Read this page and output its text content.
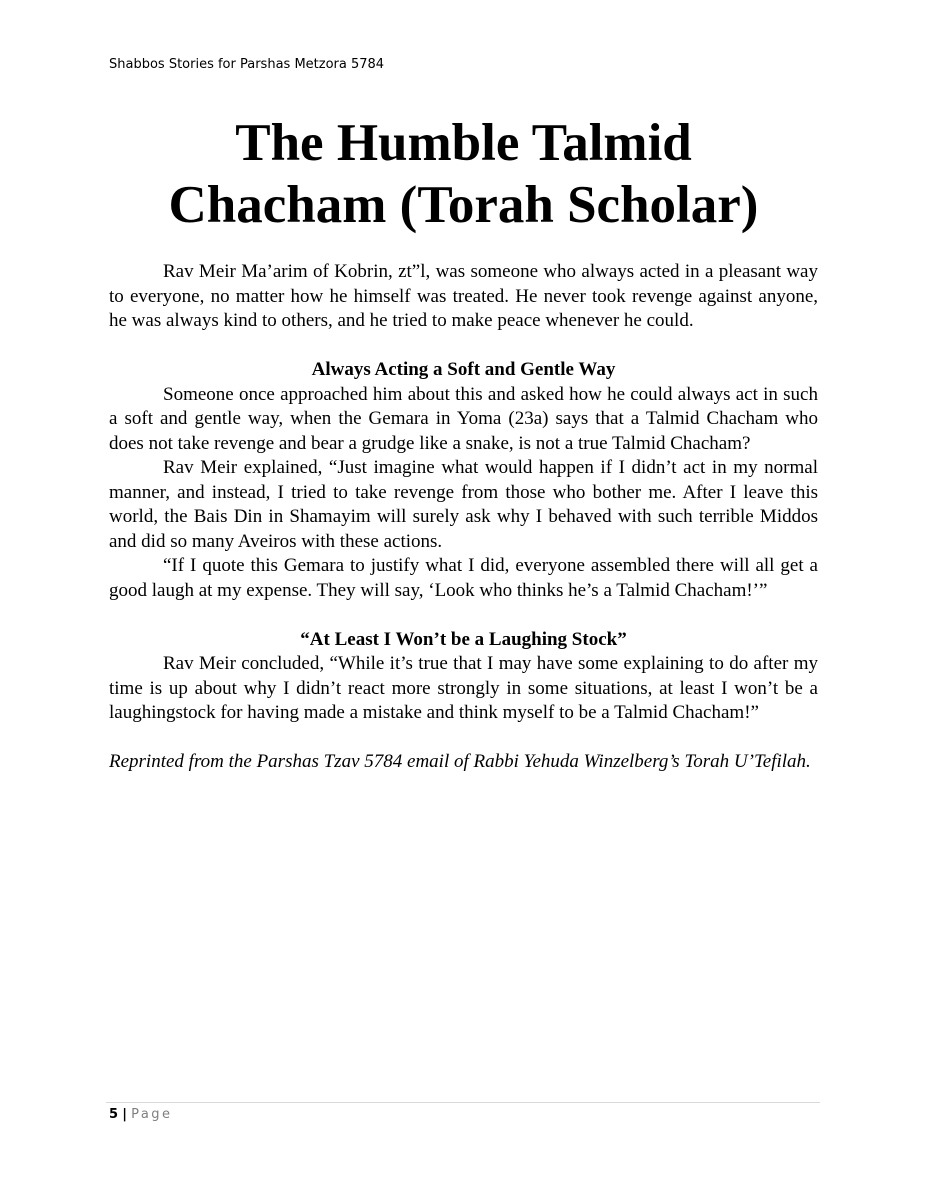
Shabbos Stories for Parshas Metzora 5784
The Humble Talmid
Chacham (Torah Scholar)

Rav Meir Ma’arim of Kobrin, zt”l, was someone who always acted in a pleasant way to everyone, no matter how he himself was treated. He never took revenge against anyone, he was always kind to others, and he tried to make peace whenever he could.

Always Acting a Soft and Gentle Way

Someone once approached him about this and asked how he could always act in such a soft and gentle way, when the Gemara in Yoma (23a) says that a Talmid Chacham who does not take revenge and bear a grudge like a snake, is not a true Talmid Chacham?

Rav Meir explained, “Just imagine what would happen if I didn’t act in my normal manner, and instead, I tried to take revenge from those who bother me. After I leave this world, the Bais Din in Shamayim will surely ask why I behaved with such terrible Middos and did so many Aveiros with these actions.

“If I quote this Gemara to justify what I did, everyone assembled there will all get a good laugh at my expense. They will say, ‘Look who thinks he’s a Talmid Chacham!’”

“At Least I Won’t be a Laughing Stock”

Rav Meir concluded, “While it’s true that I may have some explaining to do after my time is up about why I didn’t react more strongly in some situations, at least I won’t be a laughingstock for having made a mistake and think myself to be a Talmid Chacham!”

Reprinted from the Parshas Tzav 5784 email of Rabbi Yehuda Winzelberg’s Torah U’Tefilah.

5 | Page
